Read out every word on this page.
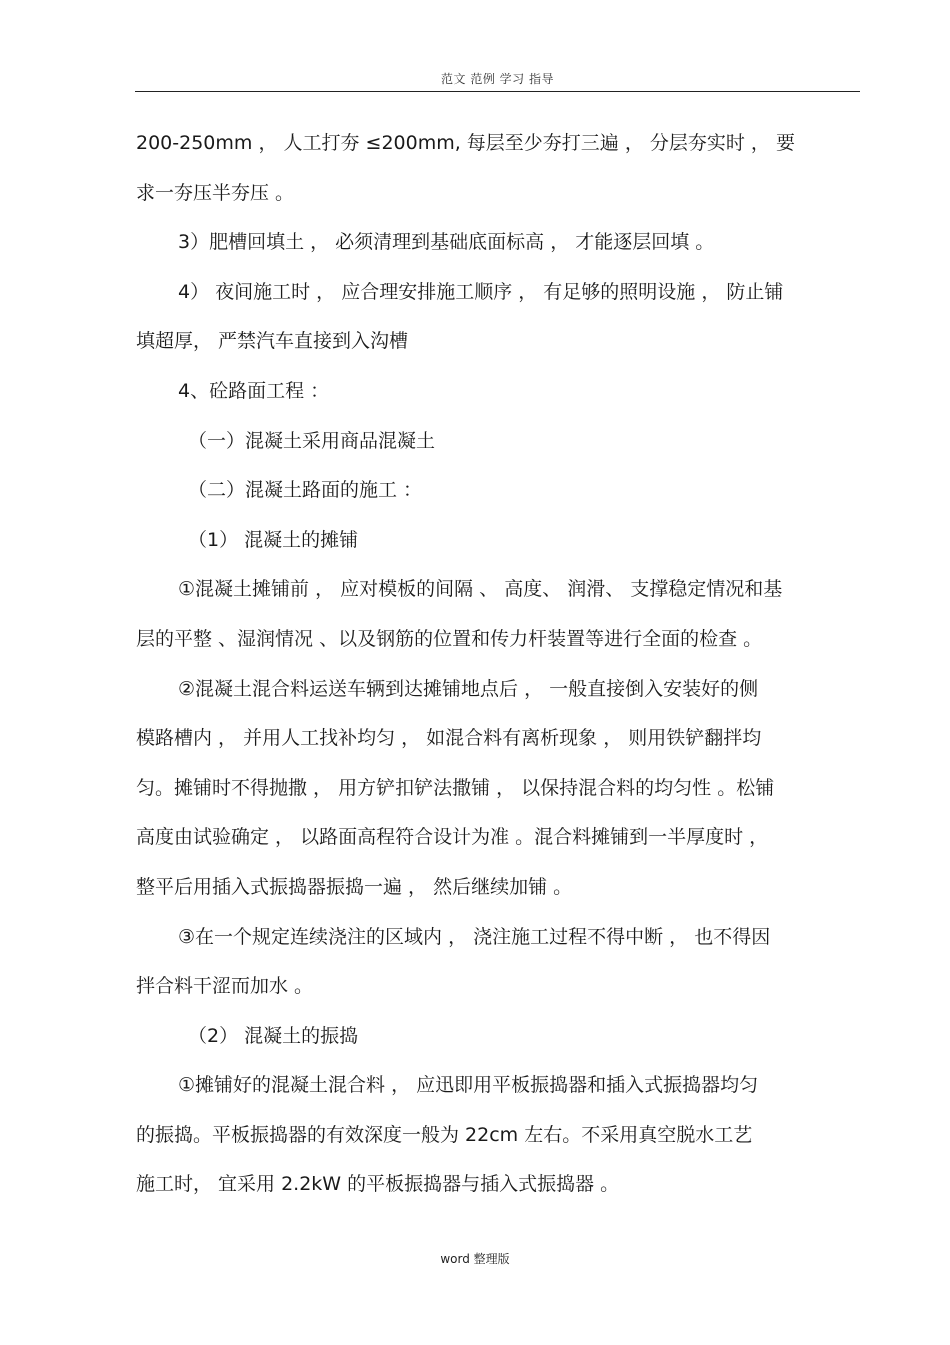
范文 范例 学习 指导
200-250mm ， 人工打夯 ≤200mm, 每层至少夯打三遍 ， 分层夯实时 ， 要
求一夯压半夯压 。
3）肥槽回填土 ， 必须清理到基础底面标高 ， 才能逐层回填 。
4） 夜间施工时 ， 应合理安排施工顺序 ， 有足够的照明设施 ， 防止铺
填超厚， 严禁汽车直接到入沟槽
4、砼路面工程 ：
（一）混凝土采用商品混凝土
（二）混凝土路面的施工 ：
（1） 混凝土的摊铺
①混凝土摊铺前 ， 应对模板的间隔 、 高度、 润滑、 支撑稳定情况和基
层的平整 、湿润情况 、以及钢筋的位置和传力杆装置等进行全面的检查 。
②混凝土混合料运送车辆到达摊铺地点后 ， 一般直接倒入安装好的侧
模路槽内 ， 并用人工找补均匀 ， 如混合料有离析现象 ， 则用铁铲翻拌均
匀。摊铺时不得抛撒 ， 用方铲扣铲法撒铺 ， 以保持混合料的均匀性 。松铺
高度由试验确定 ， 以路面高程符合设计为准 。混合料摊铺到一半厚度时 ，
整平后用插入式振捣器振捣一遍 ， 然后继续加铺 。
③在一个规定连续浇注的区域内 ， 浇注施工过程不得中断 ， 也不得因
拌合料干涩而加水 。
（2） 混凝土的振捣
①摊铺好的混凝土混合料 ， 应迅即用平板振捣器和插入式振捣器均匀
的振捣。平板振捣器的有效深度一般为 22cm 左右。不采用真空脱水工艺
施工时， 宜采用 2.2kW 的平板振捣器与插入式振捣器 。
word 整理版
